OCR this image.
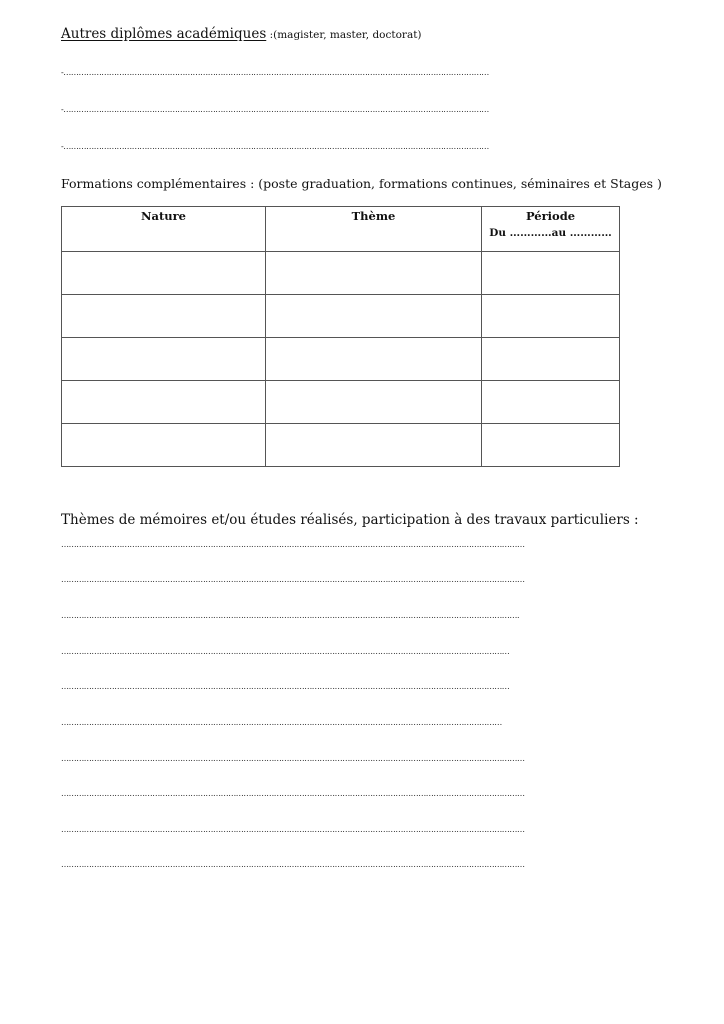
Autres diplômes académiques :(magister, master, doctorat)
-……………………………………………………………………………………………………………………………………………………
-……………………………………………………………………………………………………………………………………………………
-……………………………………………………………………………………………………………………………………………………
Formations complémentaires : (poste graduation, formations continues, séminaires et Stages )
Nature	Thème	Période
Du …………au …………

Thèmes de mémoires et/ou études réalisés, participation à des travaux particuliers :
…………………………………………………………………………………………………………………………………………………………………
…………………………………………………………………………………………………………………………………………………………………
……………………………………………………………………………………………………………………………………………………………….
……………………………………………………………………………………………………………………………………………………………
……………………………………………………………………………………………………………………………………………………………
…………………………………………………………………………………………………………………………………………………………
…………………………………………………………………………………………………………………………………………………………………
…………………………………………………………………………………………………………………………………………………………………
…………………………………………………………………………………………………………………………………………………………………
…………………………………………………………………………………………………………………………………………………………………
